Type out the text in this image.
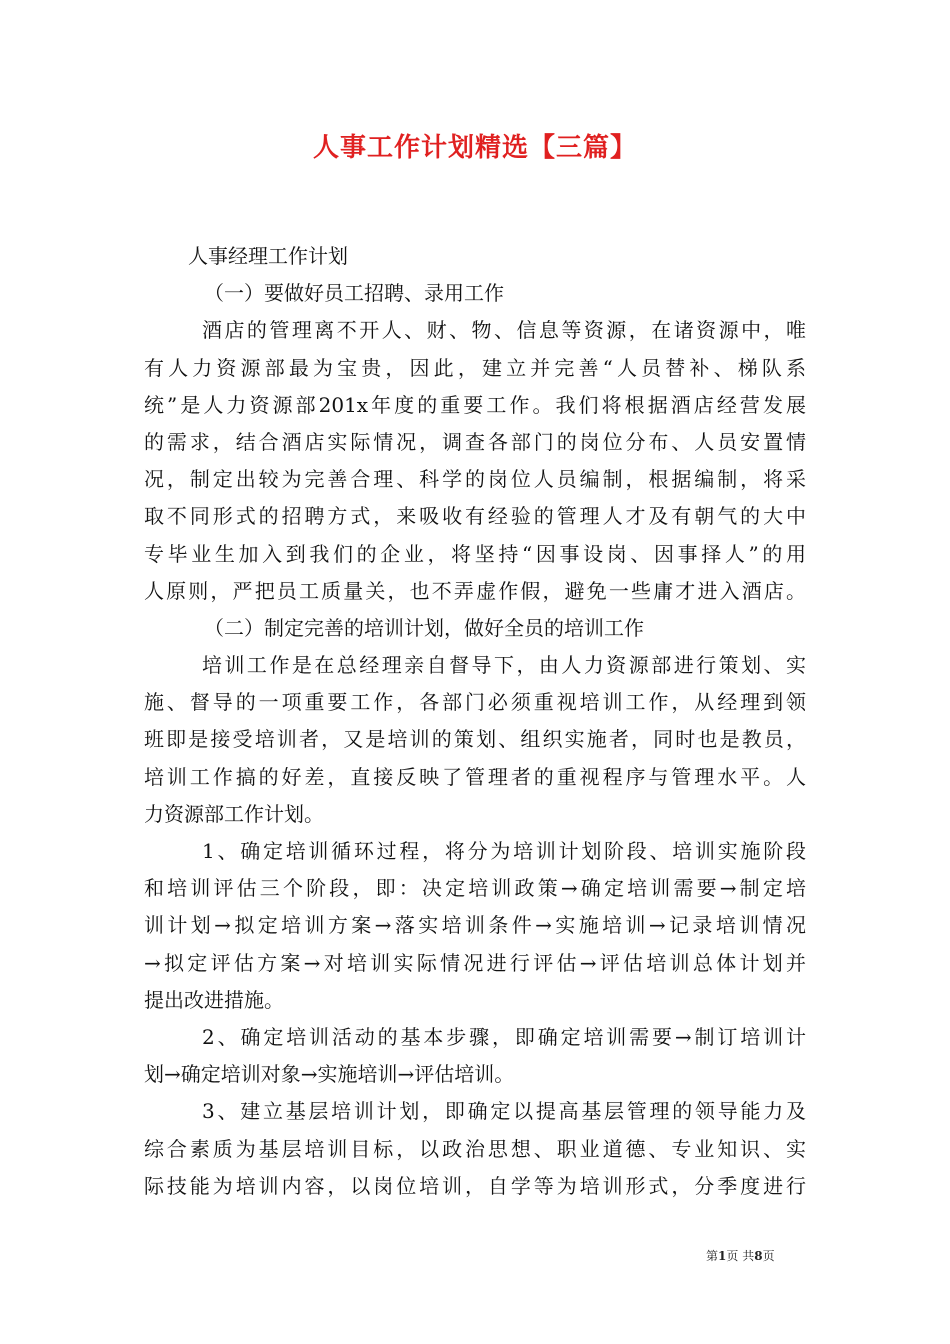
人事工作计划精选【三篇】
人事经理工作计划
（一）要做好员工招聘、录用工作
酒店的管理离不开人、财、物、信息等资源，在诸资源中，唯
有人力资源部最为宝贵，因此，建立并完善“人员替补、梯队系
统”是人力资源部201x年度的重要工作。我们将根据酒店经营发展
的需求，结合酒店实际情况，调查各部门的岗位分布、人员安置情
况，制定出较为完善合理、科学的岗位人员编制，根据编制，将采
取不同形式的招聘方式，来吸收有经验的管理人才及有朝气的大中
专毕业生加入到我们的企业，将坚持“因事设岗、因事择人”的用
人原则，严把员工质量关，也不弄虚作假，避免一些庸才进入酒店。
（二）制定完善的培训计划，做好全员的培训工作
培训工作是在总经理亲自督导下，由人力资源部进行策划、实
施、督导的一项重要工作，各部门必须重视培训工作，从经理到领
班即是接受培训者，又是培训的策划、组织实施者，同时也是教员，
培训工作搞的好差，直接反映了管理者的重视程序与管理水平。人
力资源部工作计划。
1、确定培训循环过程，将分为培训计划阶段、培训实施阶段
和培训评估三个阶段，即：决定培训政策→确定培训需要→制定培
训计划→拟定培训方案→落实培训条件→实施培训→记录培训情况
→拟定评估方案→对培训实际情况进行评估→评估培训总体计划并
提出改进措施。
2、确定培训活动的基本步骤，即确定培训需要→制订培训计
划→确定培训对象→实施培训→评估培训。
3、建立基层培训计划，即确定以提高基层管理的领导能力及
综合素质为基层培训目标，以政治思想、职业道德、专业知识、实
际技能为培训内容，以岗位培训，自学等为培训形式，分季度进行
第1页 共8页
